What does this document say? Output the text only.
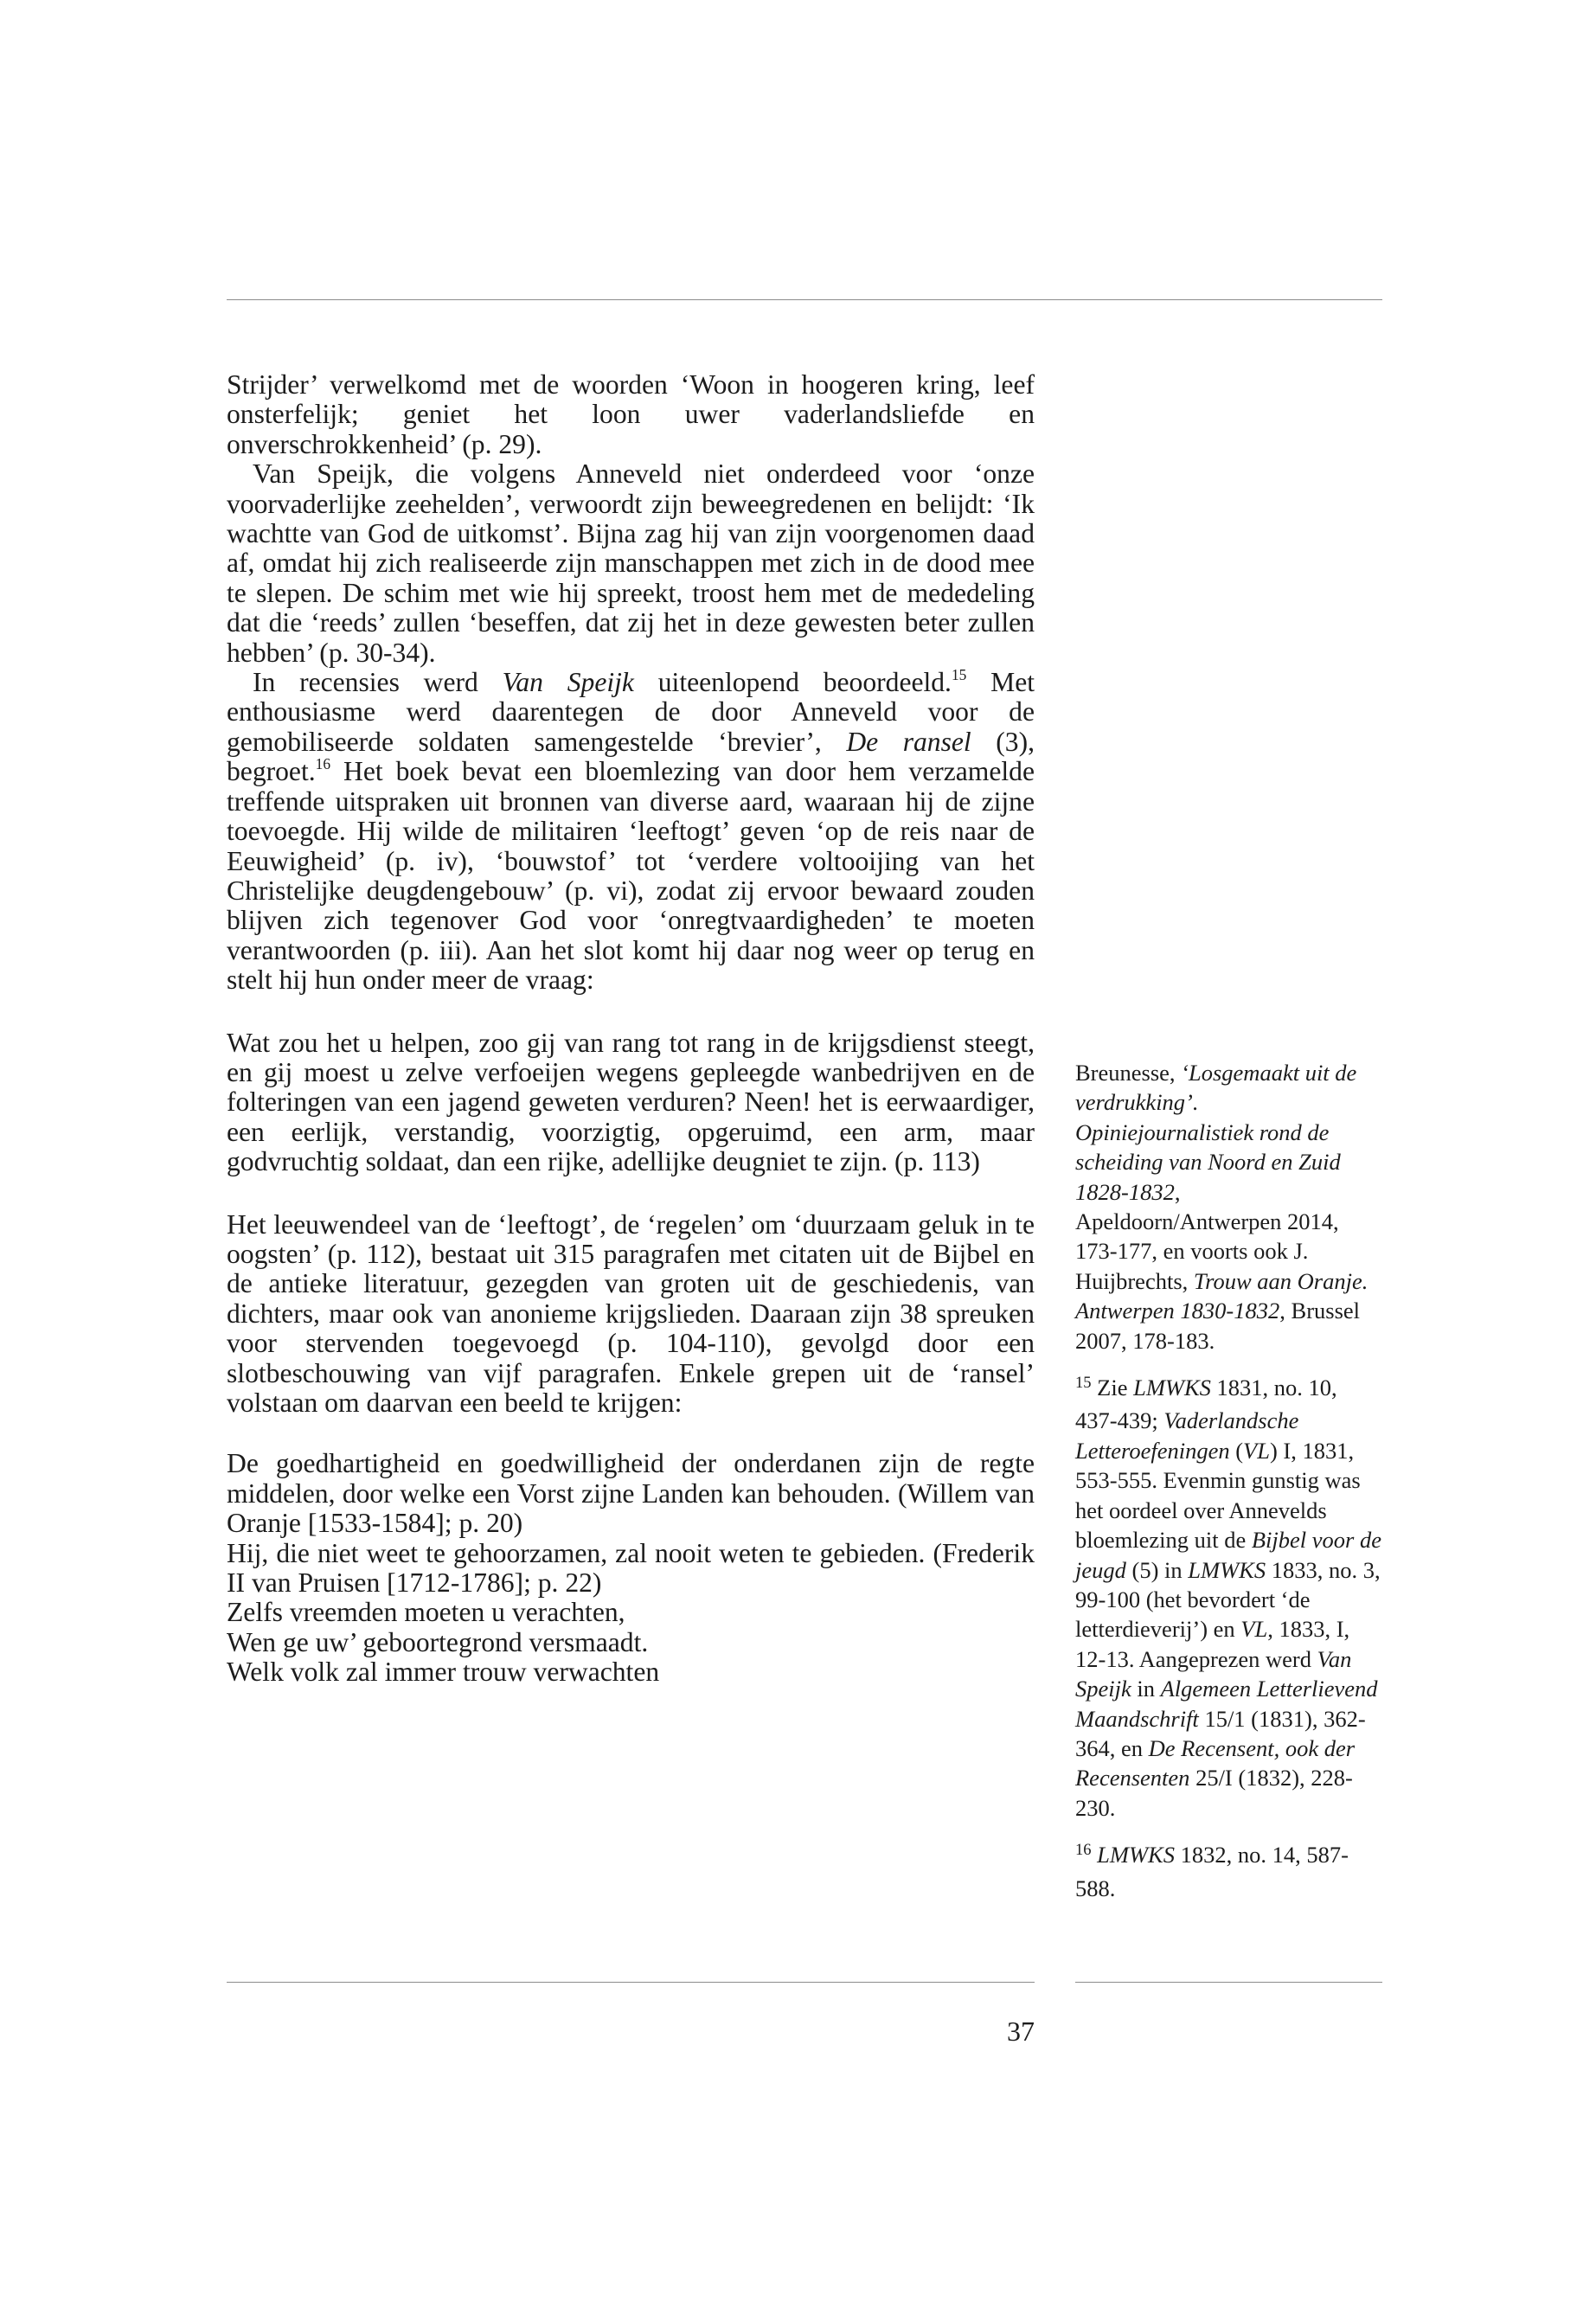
Strijder’ verwelkomd met de woorden ‘Woon in hoogeren kring, leef onsterfelijk; geniet het loon uwer vaderlandsliefde en onverschrokkenheid’ (p. 29).

Van Speijk, die volgens Anneveld niet onderdeed voor ‘onze voorvaderlijke zeehelden’, verwoordt zijn beweegredenen en belijdt: ‘Ik wachtte van God de uitkomst’. Bijna zag hij van zijn voorgenomen daad af, omdat hij zich realiseerde zijn manschappen met zich in de dood mee te slepen. De schim met wie hij spreekt, troost hem met de mededeling dat die ‘reeds’ zullen ‘beseffen, dat zij het in deze gewesten beter zullen hebben’ (p. 30-34).

In recensies werd Van Speijk uiteenlopend beoordeeld.$^{15}$ Met enthousiasme werd daarentegen de door Anneveld voor de gemobiliseerde soldaten samengestelde ‘brevier’, De ransel (3), begroet.$^{16}$ Het boek bevat een bloemlezing van door hem verzamelde treffende uitspraken uit bronnen van diverse aard, waaraan hij de zijne toevoegde. Hij wilde de militairen ‘leeftogt’ geven ‘op de reis naar de Eeuwigheid’ (p. iv), ‘bouwstof’ tot ‘verdere voltooijing van het Christelijke deugdengebouw’ (p. vi), zodat zij ervoor bewaard zouden blijven zich tegenover God voor ‘onregtvaardigheden’ te moeten verantwoorden (p. iii). Aan het slot komt hij daar nog weer op terug en stelt hij hun onder meer de vraag:

Wat zou het u helpen, zoo gij van rang tot rang in de krijgsdienst steegt, en gij moest u zelve verfoeijen wegens gepleegde wanbedrijven en de folteringen van een jagend geweten verduren? Neen! het is eerwaardiger, een eerlijk, verstandig, voorzigtig, opgeruimd, een arm, maar godvruchtig soldaat, dan een rijke, adellijke deugniet te zijn. (p. 113)

Het leeuwendeel van de ‘leeftogt’, de ‘regelen’ om ‘duurzaam geluk in te oogsten’ (p. 112), bestaat uit 315 paragrafen met citaten uit de Bijbel en de antieke literatuur, gezegden van groten uit de geschiedenis, van dichters, maar ook van anonieme krijgslieden. Daaraan zijn 38 spreuken voor stervenden toegevoegd (p. 104-110), gevolgd door een slotbeschouwing van vijf paragrafen. Enkele grepen uit de ‘ransel’ volstaan om daarvan een beeld te krijgen:

De goedhartigheid en goedwilligheid der onderdanen zijn de regte middelen, door welke een Vorst zijne Landen kan behouden. (Willem van Oranje [1533-1584]; p. 20)

Hij, die niet weet te gehoorzamen, zal nooit weten te gebieden. (Frederik II van Pruisen [1712-1786]; p. 22)

Zelfs vreemden moeten u verachten,

Wen ge uw’ geboortegrond versmaadt.

Welk volk zal immer trouw verwachten

Breunesse, ‘Losgemaakt uit de verdrukking’. Opiniejournalistiek rond de scheiding van Noord en Zuid 1828-1832, Apeldoorn/Antwerpen 2014, 173-177, en voorts ook J. Huijbrechts, Trouw aan Oranje. Antwerpen 1830-1832, Brussel 2007, 178-183.

$^{15}$ Zie LMWKS 1831, no. 10, 437-439; Vaderlandsche Letteroefeningen (VL) I, 1831, 553-555. Evenmin gunstig was het oordeel over Annevelds bloemlezing uit de Bijbel voor de jeugd (5) in LMWKS 1833, no. 3, 99-100 (het bevordert ‘de letterdieverij’) en VL, 1833, I, 12-13. Aangeprezen werd Van Speijk in Algemeen Letterlievend Maandschrift 15/1 (1831), 362-364, en De Recensent, ook der Recensenten 25/I (1832), 228-230.

$^{16}$ LMWKS 1832, no. 14, 587-588.

37
